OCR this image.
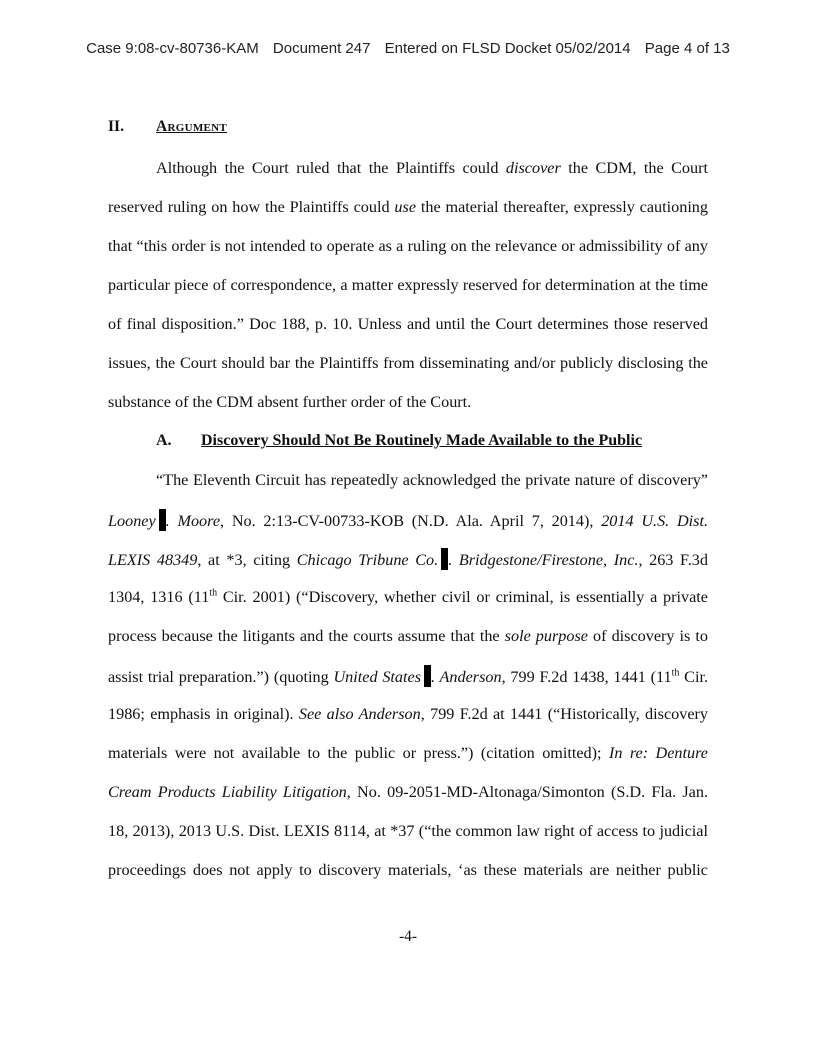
Case 9:08-cv-80736-KAM Document 247 Entered on FLSD Docket 05/02/2014 Page 4 of 13
II. Argument
Although the Court ruled that the Plaintiffs could discover the CDM, the Court
reserved ruling on how the Plaintiffs could use the material thereafter, expressly cautioning
that “this order is not intended to operate as a ruling on the relevance or admissibility of any
particular piece of correspondence, a matter expressly reserved for determination at the time
of final disposition.” Doc 188, p. 10. Unless and until the Court determines those reserved
issues, the Court should bar the Plaintiffs from disseminating and/or publicly disclosing the
substance of the CDM absent further order of the Court.
A. Discovery Should Not Be Routinely Made Available to the Public
“The Eleventh Circuit has repeatedly acknowledged the private nature of discovery”
Looney . Moore, No. 2:13-CV-00733-KOB (N.D. Ala. April 7, 2014), 2014 U.S. Dist.
LEXIS 48349, at *3, citing Chicago Tribune Co. . Bridgestone/Firestone, Inc., 263 F.3d
1304, 1316 (11th Cir. 2001) (“Discovery, whether civil or criminal, is essentially a private
process because the litigants and the courts assume that the sole purpose of discovery is to
assist trial preparation.”) (quoting United States . Anderson, 799 F.2d 1438, 1441 (11th Cir.
1986; emphasis in original). See also Anderson, 799 F.2d at 1441 (“Historically, discovery
materials were not available to the public or press.”) (citation omitted); In re: Denture
Cream Products Liability Litigation, No. 09-2051-MD-Altonaga/Simonton (S.D. Fla. Jan.
18, 2013), 2013 U.S. Dist. LEXIS 8114, at *37 (“the common law right of access to judicial
proceedings does not apply to discovery materials, ‘as these materials are neither public
-4-
